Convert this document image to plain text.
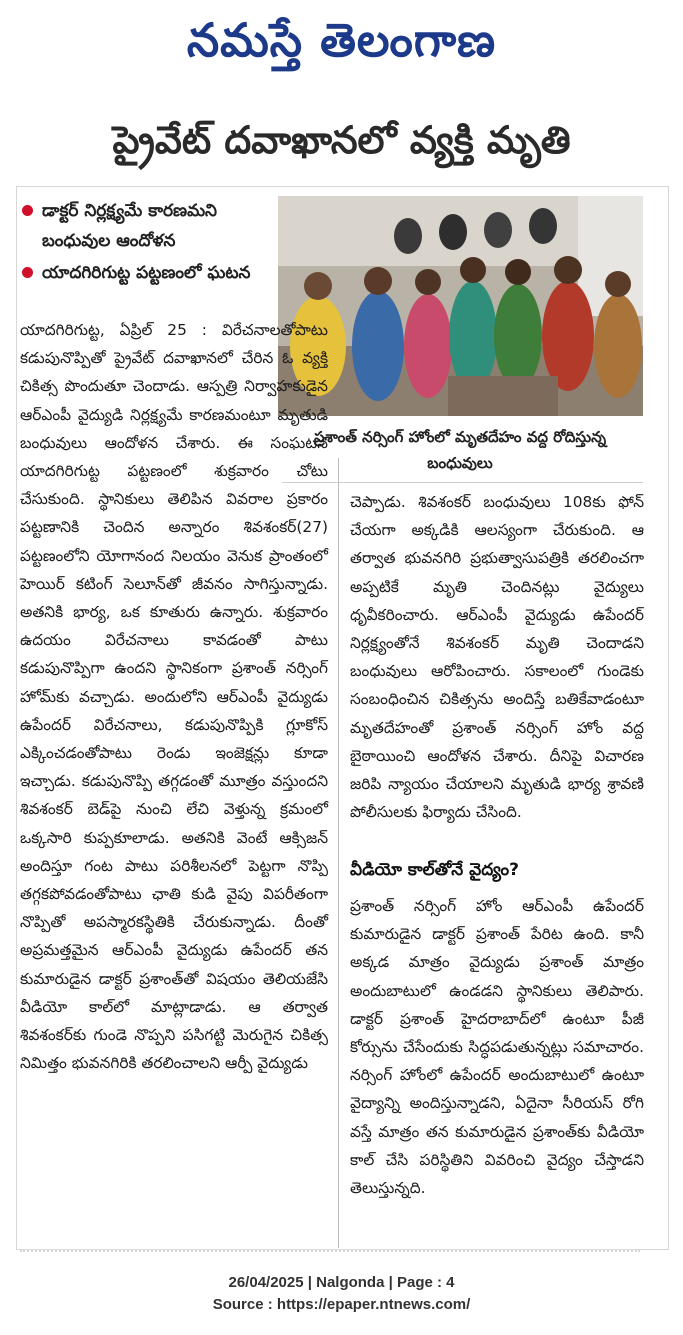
నమస్తే తెలంగాణ
ప్రైవేట్ దవాఖానలో వ్యక్తి మృతి
డాక్టర్ నిర్లక్ష్యమే కారణమని బంధువుల ఆందోళన
యాదగిరిగుట్ట పట్టణంలో ఘటన
ప్రశాంత్ నర్సింగ్ హోంలో మృతదేహం వద్ద రోదిస్తున్న బంధువులు
యాదగిరిగుట్ట, ఏప్రిల్ 25 : విరేచనాలతోపాటు కడుపునొప్పితో ప్రైవేట్ దవాఖానలో చేరిన ఓ వ్యక్తి చికిత్స పొందుతూ చెందాడు. ఆస్పత్రి నిర్వాహకుడైన ఆర్ఎంపీ వైద్యుడి నిర్లక్ష్యమే కారణమంటూ మృతుడి బంధువులు ఆందోళన చేశారు. ఈ సంఘటన యాదగిరిగుట్ట పట్టణంలో శుక్రవారం చోటు చేసుకుంది. స్థానికులు తెలిపిన వివరాల ప్రకారం పట్టణానికి చెందిన అన్నారం శివశంకర్(27) పట్టణంలోని యోగానంద నిలయం వెనుక ప్రాంతంలో హెయిర్ కటింగ్ సెలూన్‌తో జీవనం సాగిస్తున్నాడు. అతనికి భార్య, ఒక కూతురు ఉన్నారు. శుక్రవారం ఉదయం విరేచనాలు కావడంతో పాటు కడుపునొప్పిగా ఉందని స్థానికంగా ప్రశాంత్ నర్సింగ్ హోమ్‌కు వచ్చాడు. అందులోని ఆర్ఎంపీ వైద్యుడు ఉపేందర్ విరేచనాలు, కడుపునొప్పికి గ్లూకోస్ ఎక్కించడంతోపాటు రెండు ఇంజెక్షన్లు కూడా ఇచ్చాడు. కడుపునొప్పి తగ్గడంతో మూత్రం వస్తుందని శివశంకర్ బెడ్‌పై నుంచి లేచి వెళ్తున్న క్రమంలో ఒక్కసారి కుప్పకూలాడు. అతనికి వెంటే ఆక్సిజన్ అందిస్తూ గంట పాటు పరిశీలనలో పెట్టగా నొప్పి తగ్గకపోవడంతోపాటు ఛాతి కుడి వైపు విపరీతంగా నొప్పితో అపస్మారకస్థితికి చేరుకున్నాడు. దీంతో అప్రమత్తమైన ఆర్ఎంపీ వైద్యుడు ఉపేందర్ తన కుమారుడైన డాక్టర్ ప్రశాంత్‌తో విషయం తెలియజేసి వీడియో కాల్‌లో మాట్లాడాడు. ఆ తర్వాత శివశంకర్‌కు గుండె నొప్పని పసిగట్టి మెరుగైన చికిత్స నిమిత్తం భువనగిరికి తరలించాలని ఆర్పీ వైద్యుడు
చెప్పాడు. శివశంకర్ బంధువులు 108కు ఫోన్ చేయగా అక్కడికి ఆలస్యంగా చేరుకుంది. ఆ తర్వాత భువనగిరి ప్రభుత్వాసుపత్రికి తరలించగా అప్పటికే మృతి చెందినట్లు వైద్యులు ధృవీకరించారు. ఆర్ఎంపీ వైద్యుడు ఉపేందర్ నిర్లక్ష్యంతోనే శివశంకర్ మృతి చెందాడని బంధువులు ఆరోపించారు. సకాలంలో గుండెకు సంబంధించిన చికిత్సను అందిస్తే బతికేవాడంటూ మృతదేహంతో ప్రశాంత్ నర్సింగ్ హోం వద్ద బైఠాయించి ఆందోళన చేశారు. దీనిపై విచారణ జరిపి న్యాయం చేయాలని మృతుడి భార్య శ్రావణి పోలీసులకు ఫిర్యాదు చేసింది.
వీడియో కాల్‌తోనే వైద్యం?
ప్రశాంత్ నర్సింగ్ హోం ఆర్ఎంపీ ఉపేందర్ కుమారుడైన డాక్టర్ ప్రశాంత్ పేరిట ఉంది. కానీ అక్కడ మాత్రం వైద్యుడు ప్రశాంత్ మాత్రం అందుబాటులో ఉండడని స్థానికులు తెలిపారు. డాక్టర్ ప్రశాంత్ హైదరాబాద్‌లో ఉంటూ పీజీ కోర్సును చేసేందుకు సిద్ధపడుతున్నట్లు సమాచారం. నర్సింగ్ హోంలో ఉపేందర్ అందుబాటులో ఉంటూ వైద్యాన్ని అందిస్తున్నాడని, ఏదైనా సీరియస్ రోగి వస్తే మాత్రం తన కుమారుడైన ప్రశాంత్‌కు వీడియో కాల్ చేసి పరిస్థితిని వివరించి వైద్యం చేస్తాడని తెలుస్తున్నది.
26/04/2025 | Nalgonda | Page : 4
Source : https://epaper.ntnews.com/
